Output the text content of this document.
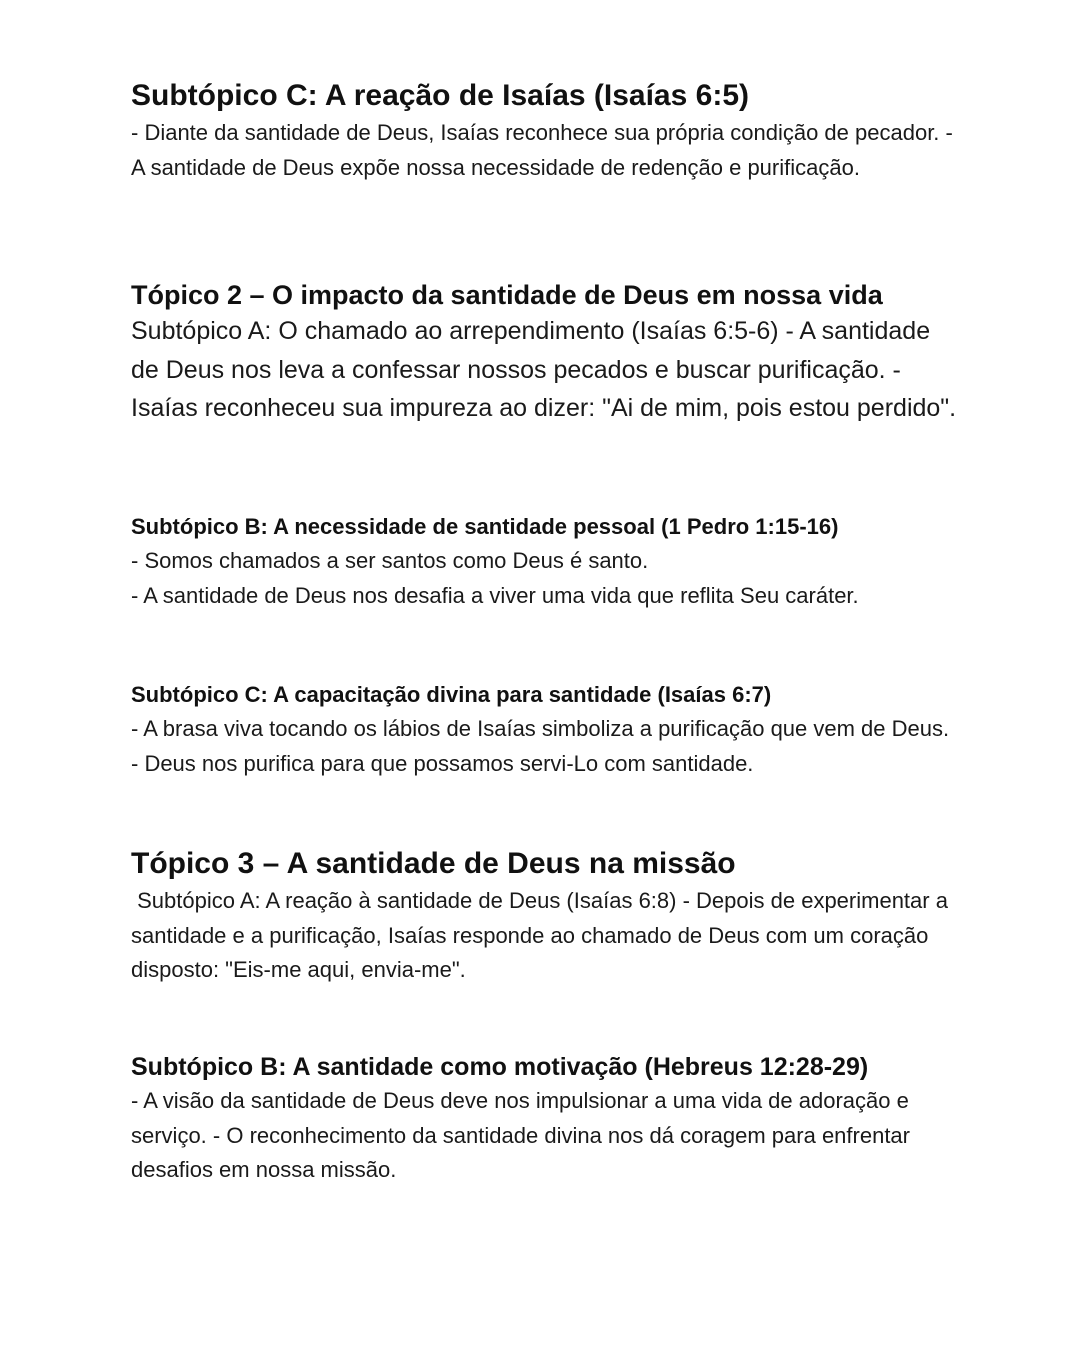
Subtópico C: A reação de Isaías (Isaías 6:5)

- Diante da santidade de Deus, Isaías reconhece sua própria condição de pecador. - A santidade de Deus expõe nossa necessidade de redenção e purificação.

Tópico 2 – O impacto da santidade de Deus em nossa vida

Subtópico A: O chamado ao arrependimento (Isaías 6:5-6) - A santidade de Deus nos leva a confessar nossos pecados e buscar purificação. - Isaías reconheceu sua impureza ao dizer: "Ai de mim, pois estou perdido".

Subtópico B: A necessidade de santidade pessoal (1 Pedro 1:15-16)

- Somos chamados a ser santos como Deus é santo.
- A santidade de Deus nos desafia a viver uma vida que reflita Seu caráter.

Subtópico C: A capacitação divina para santidade (Isaías 6:7)

- A brasa viva tocando os lábios de Isaías simboliza a purificação que vem de Deus.
- Deus nos purifica para que possamos servi-Lo com santidade.

Tópico 3 – A santidade de Deus na missão

Subtópico A: A reação à santidade de Deus (Isaías 6:8) - Depois de experimentar a santidade e a purificação, Isaías responde ao chamado de Deus com um coração disposto: "Eis-me aqui, envia-me".

Subtópico B: A santidade como motivação (Hebreus 12:28-29)

- A visão da santidade de Deus deve nos impulsionar a uma vida de adoração e serviço. - O reconhecimento da santidade divina nos dá coragem para enfrentar desafios em nossa missão.
